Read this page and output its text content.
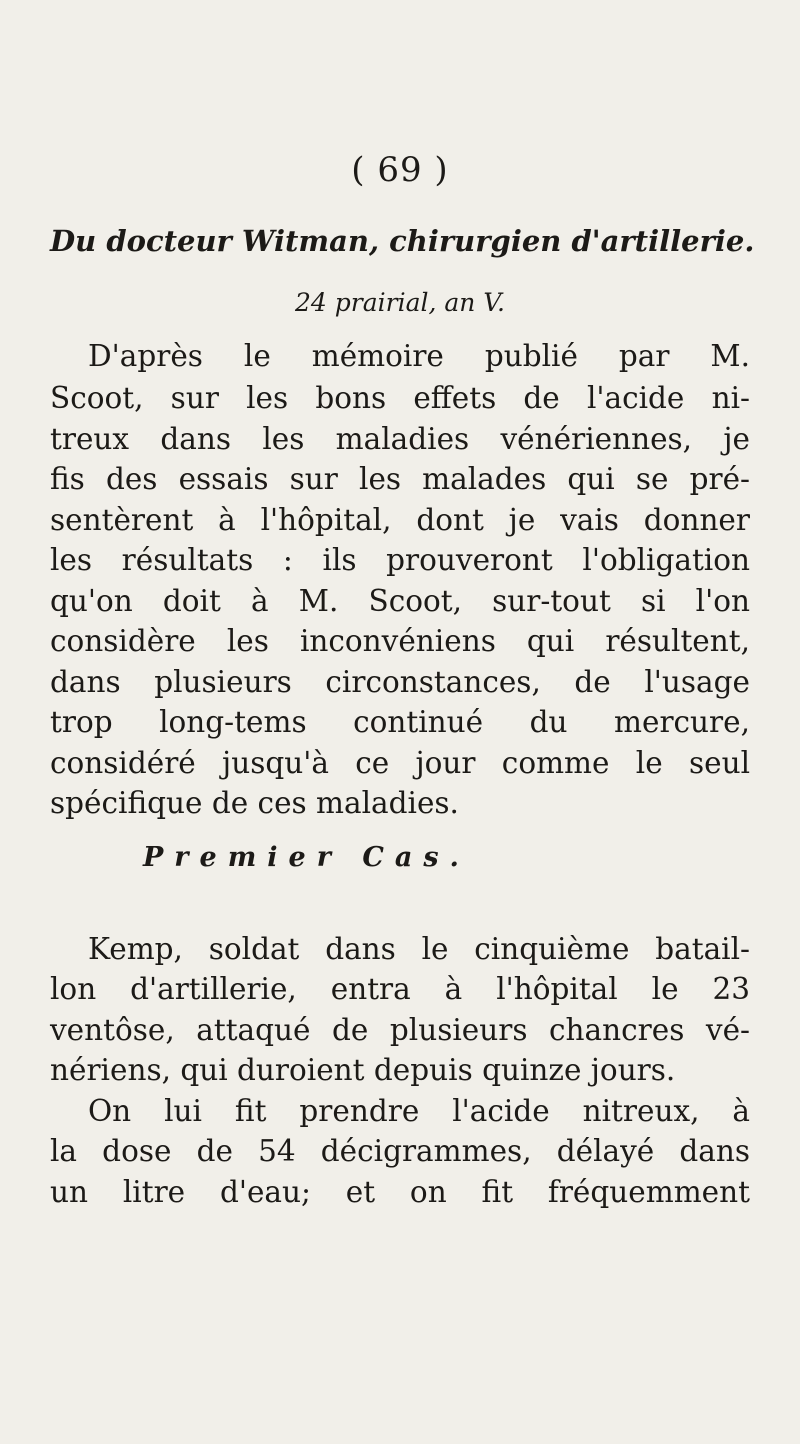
( 69 )
Du docteur Witman, chirurgien d'artillerie.
24 prairial, an V.
D'après le mémoire publié par M.
Scoot, sur les bons effets de l'acide ni-
treux dans les maladies vénériennes, je
fis des essais sur les malades qui se pré-
sentèrent à l'hôpital, dont je vais donner
les résultats : ils prouveront l'obligation
qu'on doit à M. Scoot, sur-tout si l'on
considère les inconvéniens qui résultent,
dans plusieurs circonstances, de l'usage
trop long-tems continué du mercure,
considéré jusqu'à ce jour comme le seul
spécifique de ces maladies.
Premier Cas.
Kemp, soldat dans le cinquième batail-
lon d'artillerie, entra à l'hôpital le 23
ventôse, attaqué de plusieurs chancres vé-
nériens, qui duroient depuis quinze jours.
On lui fit prendre l'acide nitreux, à
la dose de 54 décigrammes, délayé dans
un litre d'eau; et on fit fréquemment
